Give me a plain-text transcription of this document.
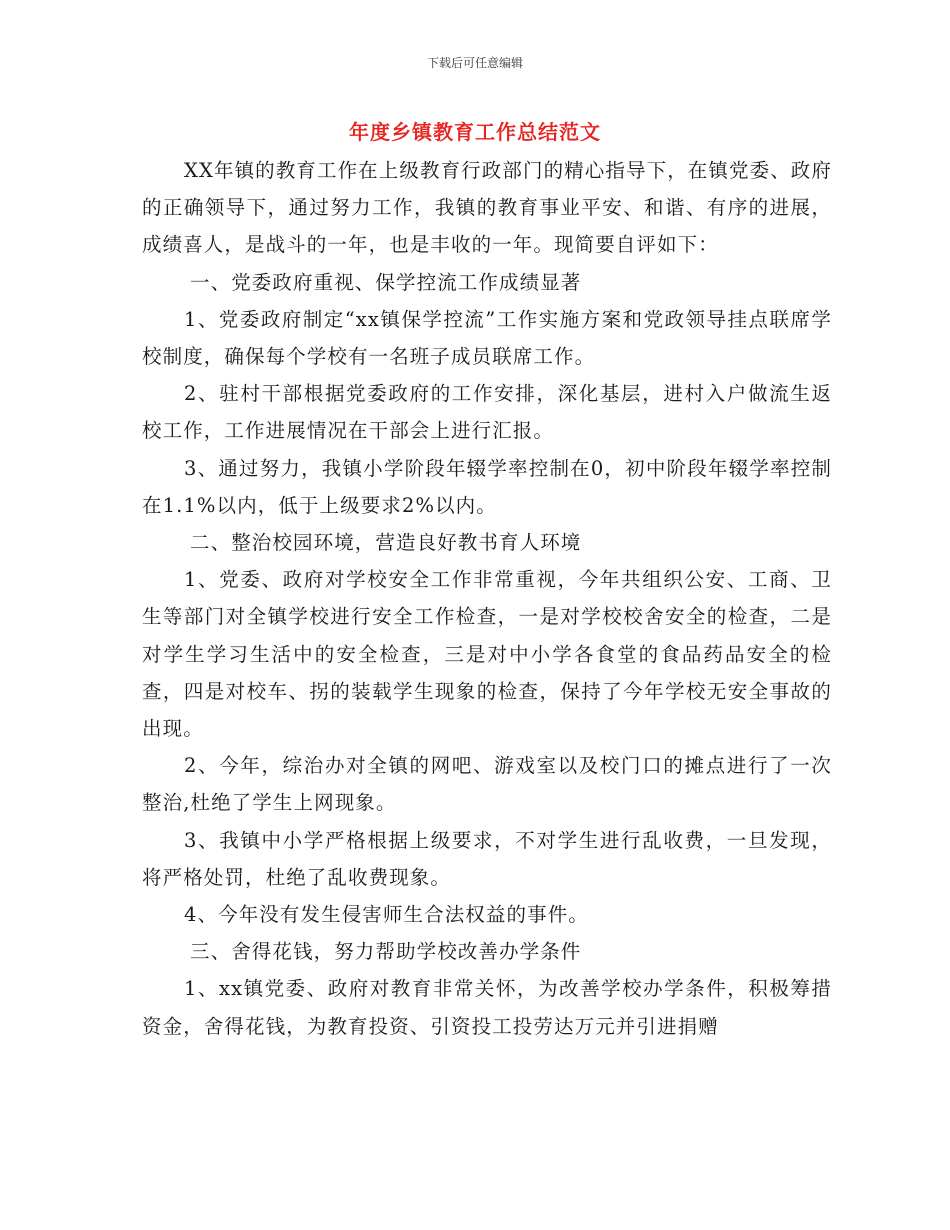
下载后可任意编辑
年度乡镇教育工作总结范文

XX年镇的教育工作在上级教育行政部门的精心指导下，在镇党委、政府的正确领导下，通过努力工作，我镇的教育事业平安、和谐、有序的进展，成绩喜人，是战斗的一年，也是丰收的一年。现简要自评如下：

一、党委政府重视、保学控流工作成绩显著

1、党委政府制定“xx镇保学控流”工作实施方案和党政领导挂点联席学校制度，确保每个学校有一名班子成员联席工作。

2、驻村干部根据党委政府的工作安排，深化基层，进村入户做流生返校工作，工作进展情况在干部会上进行汇报。

3、通过努力，我镇小学阶段年辍学率控制在0，初中阶段年辍学率控制在1.1%以内，低于上级要求2%以内。

二、整治校园环境，营造良好教书育人环境

1、党委、政府对学校安全工作非常重视，今年共组织公安、工商、卫生等部门对全镇学校进行安全工作检查，一是对学校校舍安全的检查，二是对学生学习生活中的安全检查，三是对中小学各食堂的食品药品安全的检查，四是对校车、拐的装载学生现象的检查，保持了今年学校无安全事故的出现。

2、今年，综治办对全镇的网吧、游戏室以及校门口的摊点进行了一次整治,杜绝了学生上网现象。

3、我镇中小学严格根据上级要求，不对学生进行乱收费，一旦发现，将严格处罚，杜绝了乱收费现象。

4、今年没有发生侵害师生合法权益的事件。

三、舍得花钱，努力帮助学校改善办学条件

1、xx镇党委、政府对教育非常关怀，为改善学校办学条件，积极筹措资金，舍得花钱，为教育投资、引资投工投劳达万元并引进捐赠
